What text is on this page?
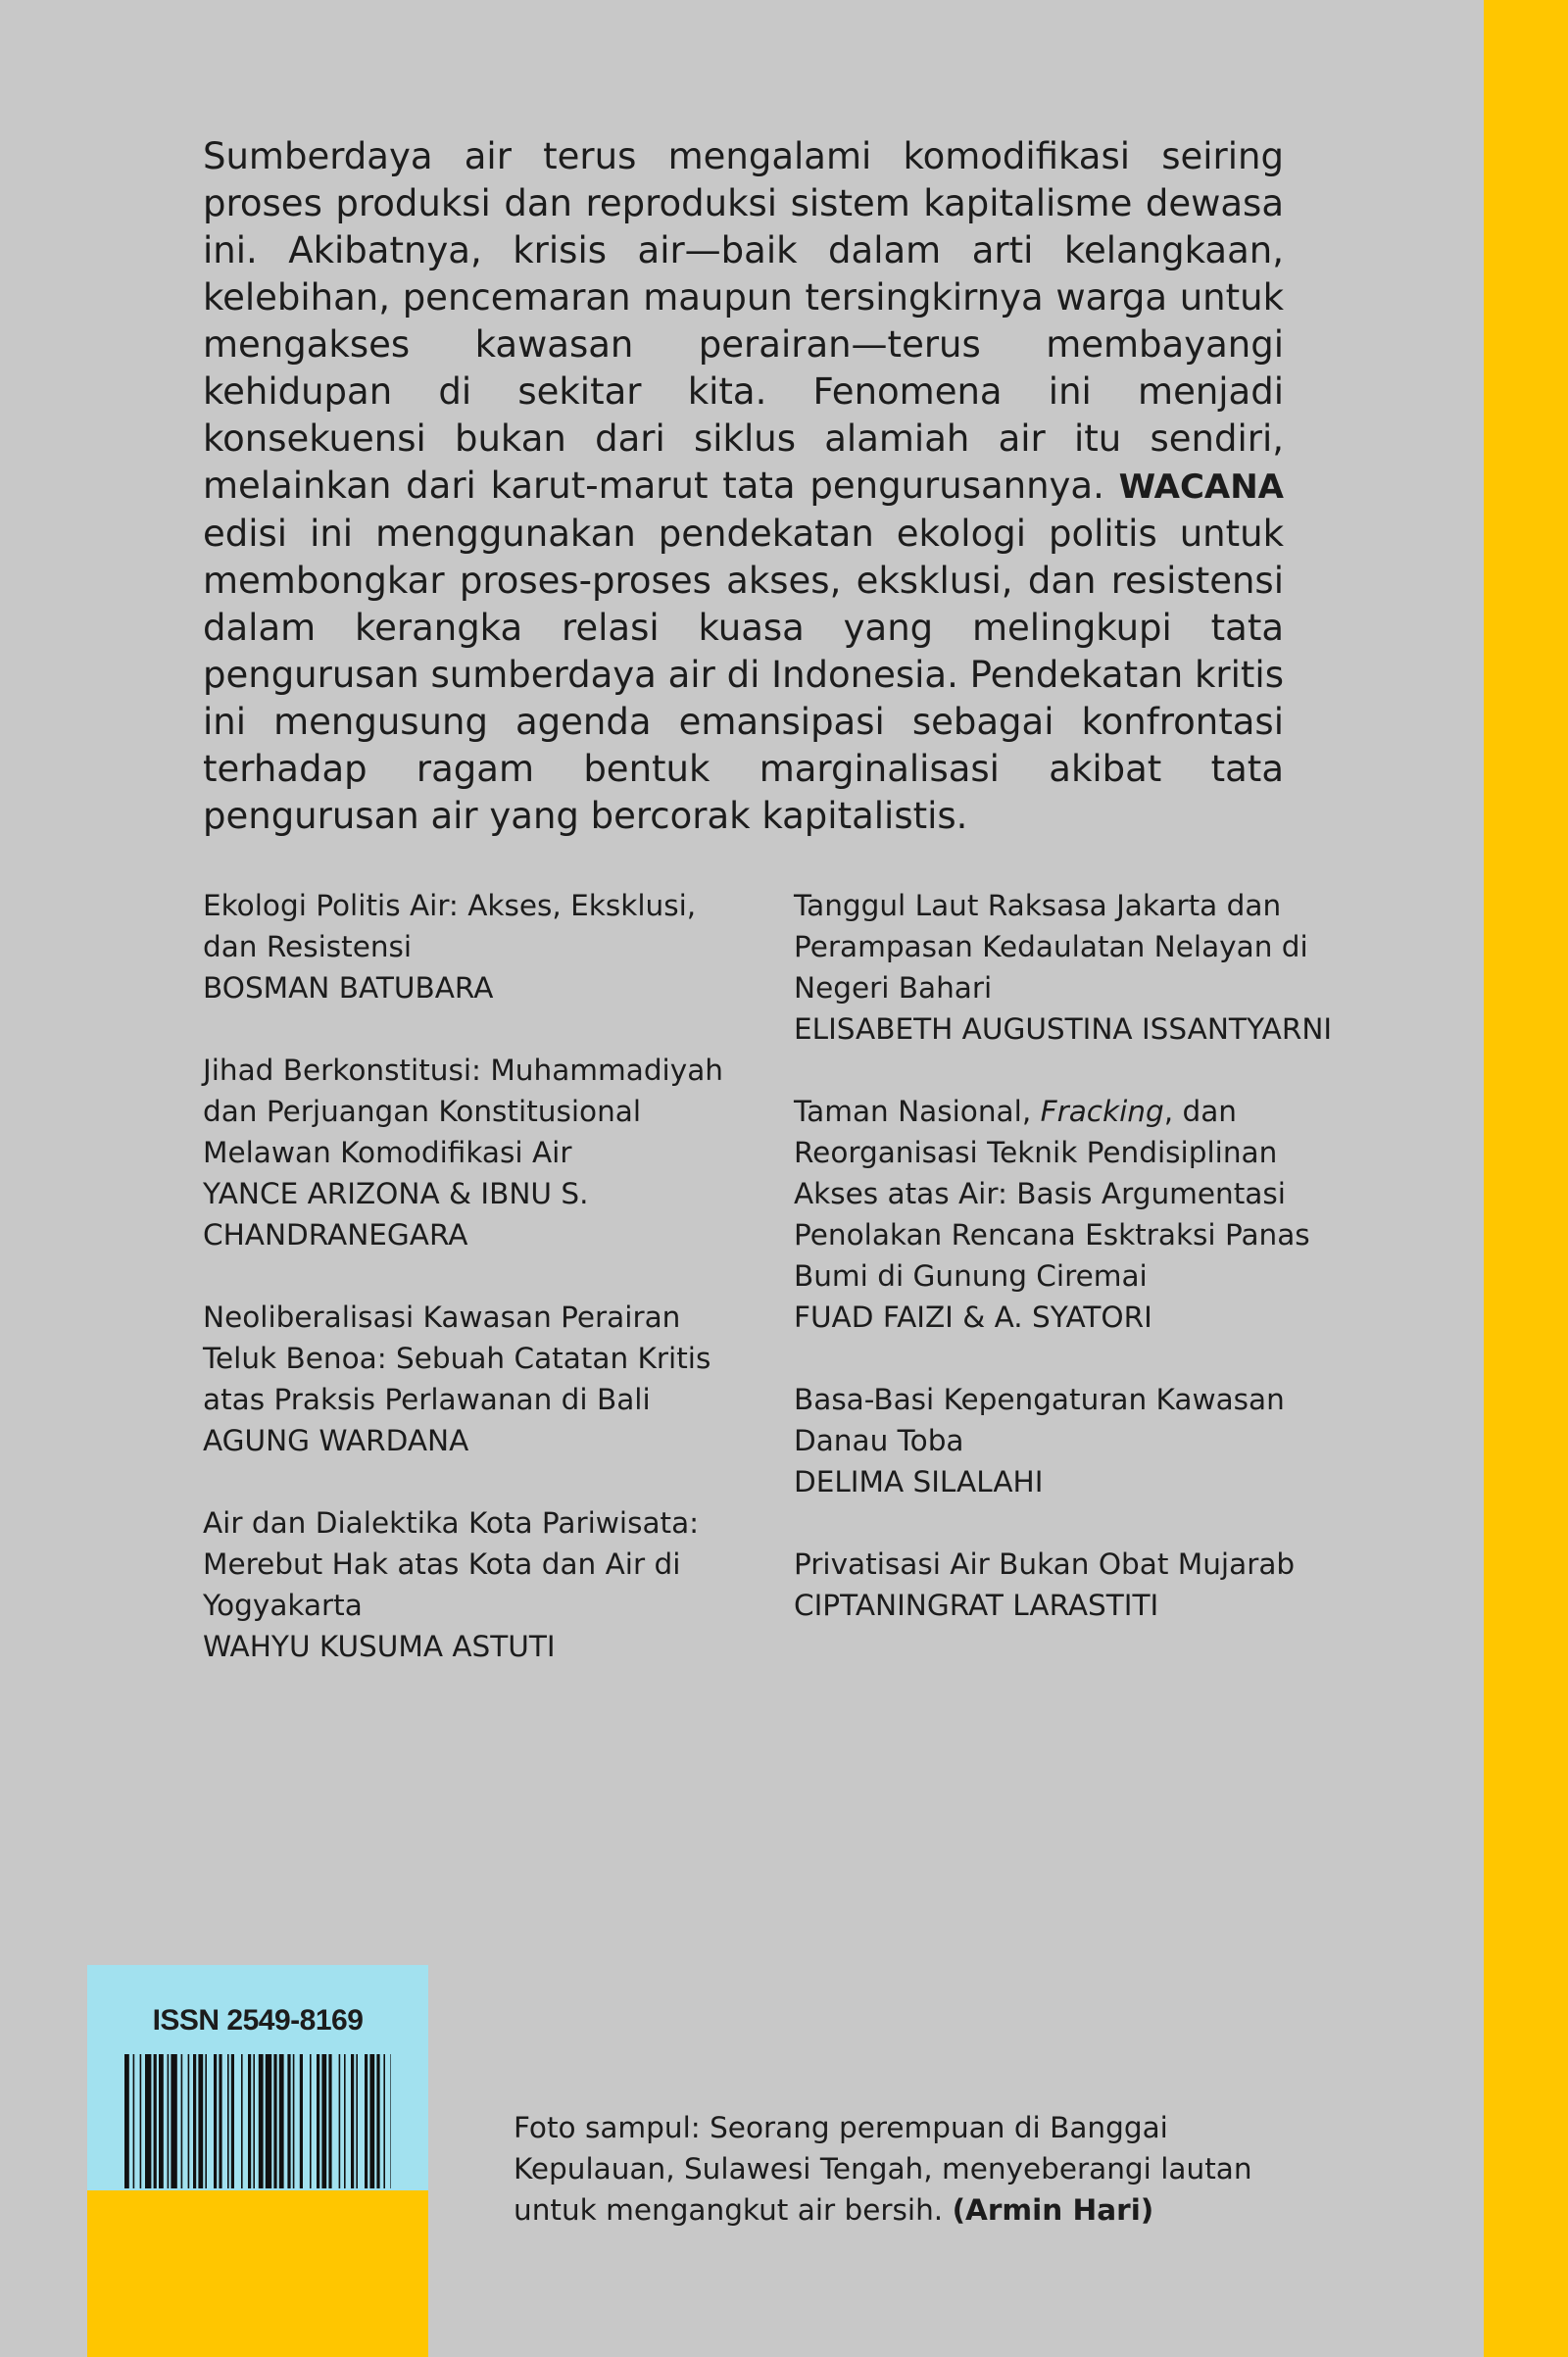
Sumberdaya air terus mengalami komodifikasi seiring proses produksi dan reproduksi sistem kapitalisme dewasa ini. Akibatnya, krisis air—baik dalam arti kelangkaan, kelebihan, pencemaran maupun tersingkirnya warga untuk mengakses kawasan perairan—terus membayangi kehidupan di sekitar kita. Fenomena ini menjadi konsekuensi bukan dari siklus alamiah air itu sendiri, melainkan dari karut-marut tata pengurusannya. WACANA edisi ini menggunakan pendekatan ekologi politis untuk membongkar proses-proses akses, eksklusi, dan resistensi dalam kerangka relasi kuasa yang melingkupi tata pengurusan sumberdaya air di Indonesia. Pendekatan kritis ini mengusung agenda emansipasi sebagai konfrontasi terhadap ragam bentuk marginalisasi akibat tata pengurusan air yang bercorak kapitalistis.

Ekologi Politis Air: Akses, Eksklusi, dan Resistensi
BOSMAN BATUBARA
Jihad Berkonstitusi: Muhammadiyah dan Perjuangan Konstitusional Melawan Komodifikasi Air
YANCE ARIZONA & IBNU S. CHANDRANEGARA
Neoliberalisasi Kawasan Perairan Teluk Benoa: Sebuah Catatan Kritis atas Praksis Perlawanan di Bali
AGUNG WARDANA
Air dan Dialektika Kota Pariwisata: Merebut Hak atas Kota dan Air di Yogyakarta
WAHYU KUSUMA ASTUTI
Tanggul Laut Raksasa Jakarta dan Perampasan Kedaulatan Nelayan di Negeri Bahari
ELISABETH AUGUSTINA ISSANTYARNI
Taman Nasional, Fracking, dan Reorganisasi Teknik Pendisiplinan Akses atas Air: Basis Argumentasi Penolakan Rencana Esktraksi Panas Bumi di Gunung Ciremai
FUAD FAIZI & A. SYATORI
Basa-Basi Kepengaturan Kawasan Danau Toba
DELIMA SILALAHI
Privatisasi Air Bukan Obat Mujarab
CIPTANINGRAT LARASTITI
ISSN 2549-8169

Foto sampul: Seorang perempuan di Banggai Kepulauan, Sulawesi Tengah, menyeberangi lautan untuk mengangkut air bersih. (Armin Hari)
